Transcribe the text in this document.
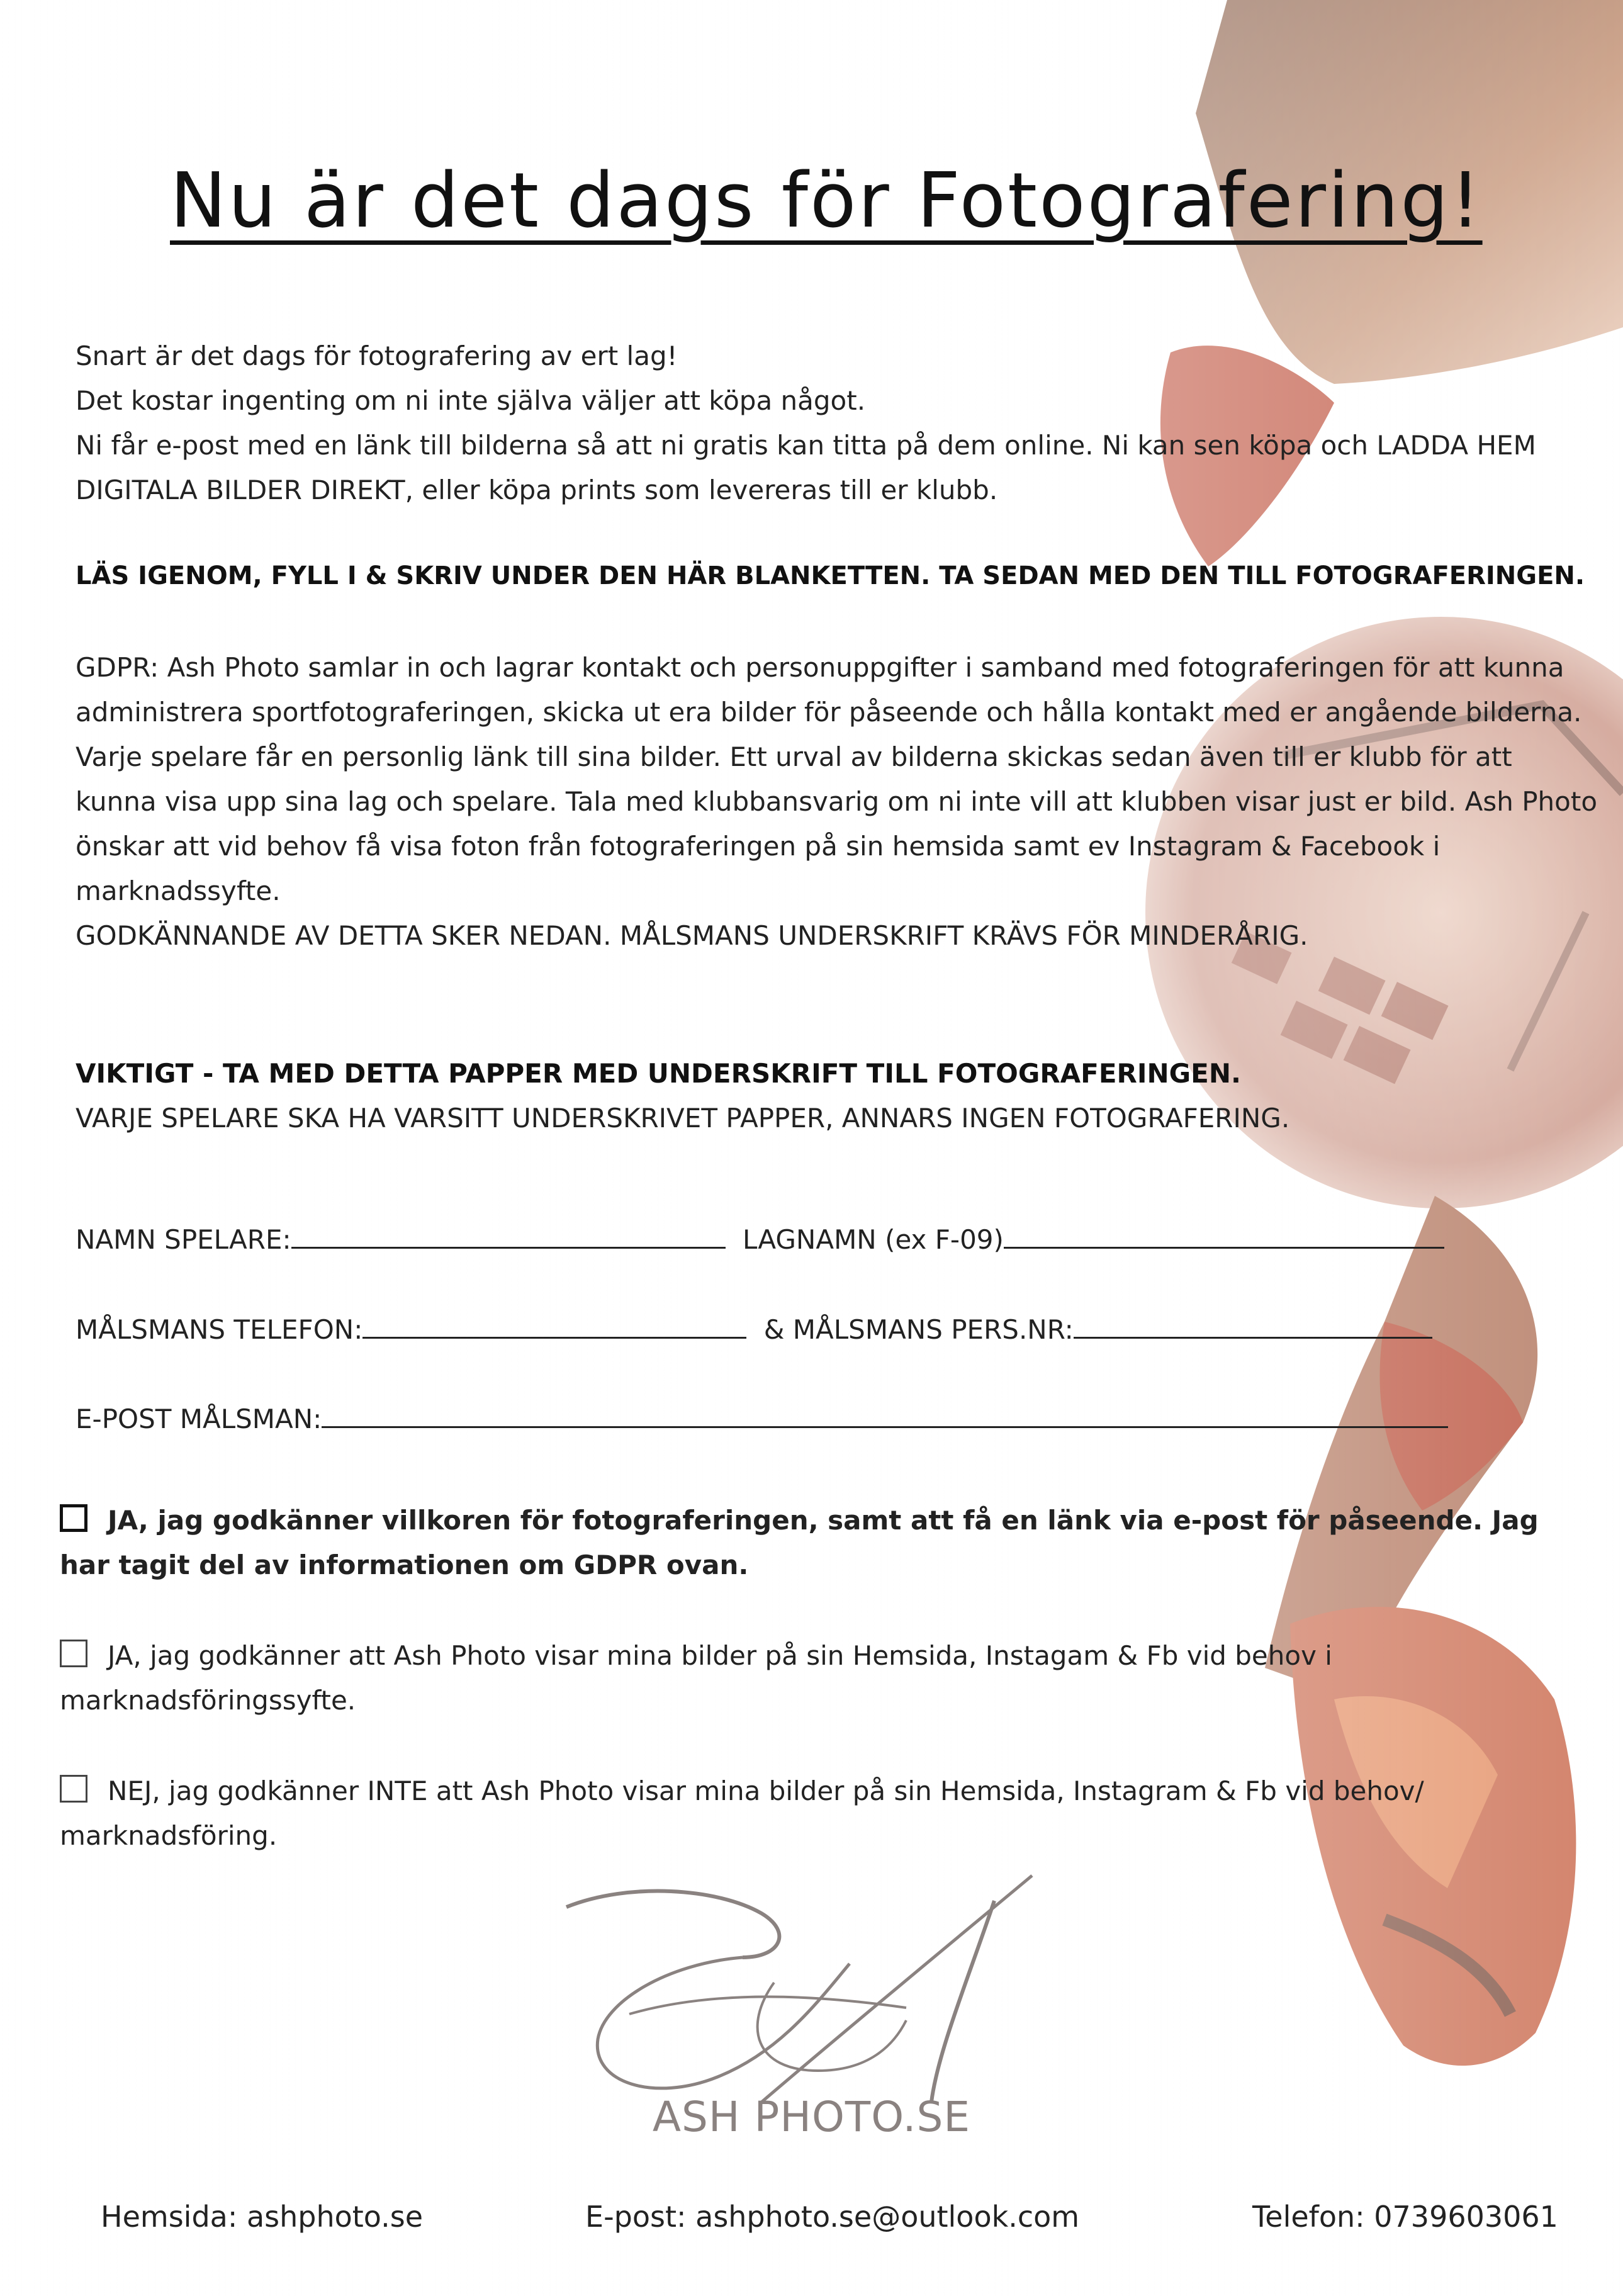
Nu är det dags för Fotografering!

Snart är det dags för fotografering av ert lag!

Det kostar ingenting om ni inte själva väljer att köpa något.

Ni får e-post med en länk till bilderna så att ni gratis kan titta på dem online. Ni kan sen köpa och LADDA HEM DIGITALA BILDER DIREKT, eller köpa prints som levereras till er klubb.

LÄS IGENOM, FYLL I & SKRIV UNDER DEN HÄR BLANKETTEN. TA SEDAN MED DEN TILL FOTOGRAFERINGEN.

GDPR: Ash Photo samlar in och lagrar kontakt och personuppgifter i samband med fotograferingen för att kunna administrera sportfotograferingen, skicka ut era bilder för påseende och hålla kontakt med er angående bilderna.

Varje spelare får en personlig länk till sina bilder. Ett urval av bilderna skickas sedan även till er klubb för att kunna visa upp sina lag och spelare. Tala med klubbansvarig om ni inte vill att klubben visar just er bild. Ash Photo önskar att vid behov få visa foton från fotograferingen på sin hemsida samt ev Instagram & Facebook i marknadssyfte.

GODKÄNNANDE AV DETTA SKER NEDAN. MÅLSMANS UNDERSKRIFT KRÄVS FÖR MINDERÅRIG.

VIKTIGT - TA MED DETTA PAPPER MED UNDERSKRIFT TILL FOTOGRAFERINGEN.

VARJE SPELARE SKA HA VARSITT UNDERSKRIVET PAPPER, ANNARS INGEN FOTOGRAFERING.

NAMN SPELARE:	LAGNAMN (ex F-09)
MÅLSMANS TELEFON:	& MÅLSMANS PERS.NR:
E-POST MÅLSMAN:
JA, jag godkänner villkoren för fotograferingen, samt att få en länk via e-post för påseende. Jag har tagit del av informationen om GDPR ovan.
JA, jag godkänner att Ash Photo visar mina bilder på sin Hemsida, Instagam & Fb vid behov i marknadsföringssyfte.
NEJ, jag godkänner INTE att Ash Photo visar mina bilder på sin Hemsida, Instagram & Fb vid behov/ marknadsföring.
ASH PHOTO.SE
Hemsida: ashphoto.se	E-post: ashphoto.se@outlook.com	Telefon: 0739603061
